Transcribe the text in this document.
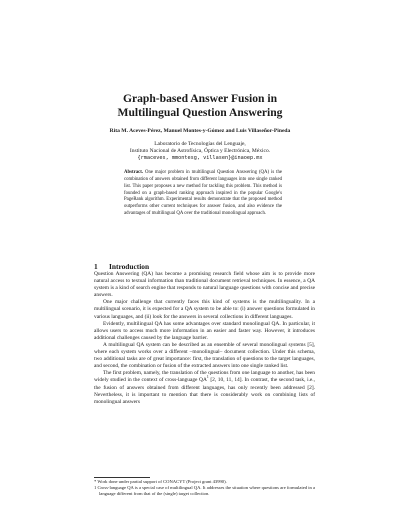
Graph-based Answer Fusion in
Multilingual Question Answering
Rita M. Aceves-Pérez, Manuel Montes-y-Gómez and Luis Villaseñor-Pineda
Laboratorio de Tecnologías del Lenguaje,
Instituto Nacional de Astrofísica, Óptica y Electrónica, México.
{rmaceves, mmontesg, villasen}@inaoep.mx
Abstract. One major problem in multilingual Question Answering (QA) is the combination of answers obtained from different languages into one single ranked list. This paper proposes a new method for tackling this problem. This method is founded on a graph-based ranking approach inspired in the popular Google's PageRank algorithm. Experimental results demonstrate that the proposed method outperforms other current techniques for answer fusion, and also evidence the advantages of multilingual QA over the traditional monolingual approach.
1 Introduction

Question Answering (QA) has become a promising research field whose aim is to provide more natural access to textual information than traditional document retrieval techniques. In essence, a QA system is a kind of search engine that responds to natural language questions with concise and precise answers.

One major challenge that currently faces this kind of systems is the multilinguality. In a multilingual scenario, it is expected for a QA system to be able to: (i) answer questions formulated in various languages, and (ii) look for the answers in several collections in different languages.

Evidently, multilingual QA has some advantages over standard monolingual QA. In particular, it allows users to access much more information in an easier and faster way. However, it introduces additional challenges caused by the language barrier.

A multilingual QA system can be described as an ensemble of several monolingual systems [5], where each system works over a different –monolingual– document collection. Under this schema, two additional tasks are of great importance: first, the translation of questions to the target languages, and second, the combination or fusion of the extracted answers into one single ranked list.

The first problem, namely, the translation of the questions from one language to another, has been widely studied in the context of cross-language $QA^1$ [2, 10, 11, 14]. In contrast, the second task, i.e., the fusion of answers obtained from different languages, has only recently been addressed [2]. Nevertheless, it is important to mention that there is considerably work on combining lists of monolingual answers

* Work done under partial support of CONACYT (Project grant 43990).

1 Cross-language QA is a special case of multilingual QA. It addresses the situation where questions are formulated in a language different from that of the (single) target collection.
